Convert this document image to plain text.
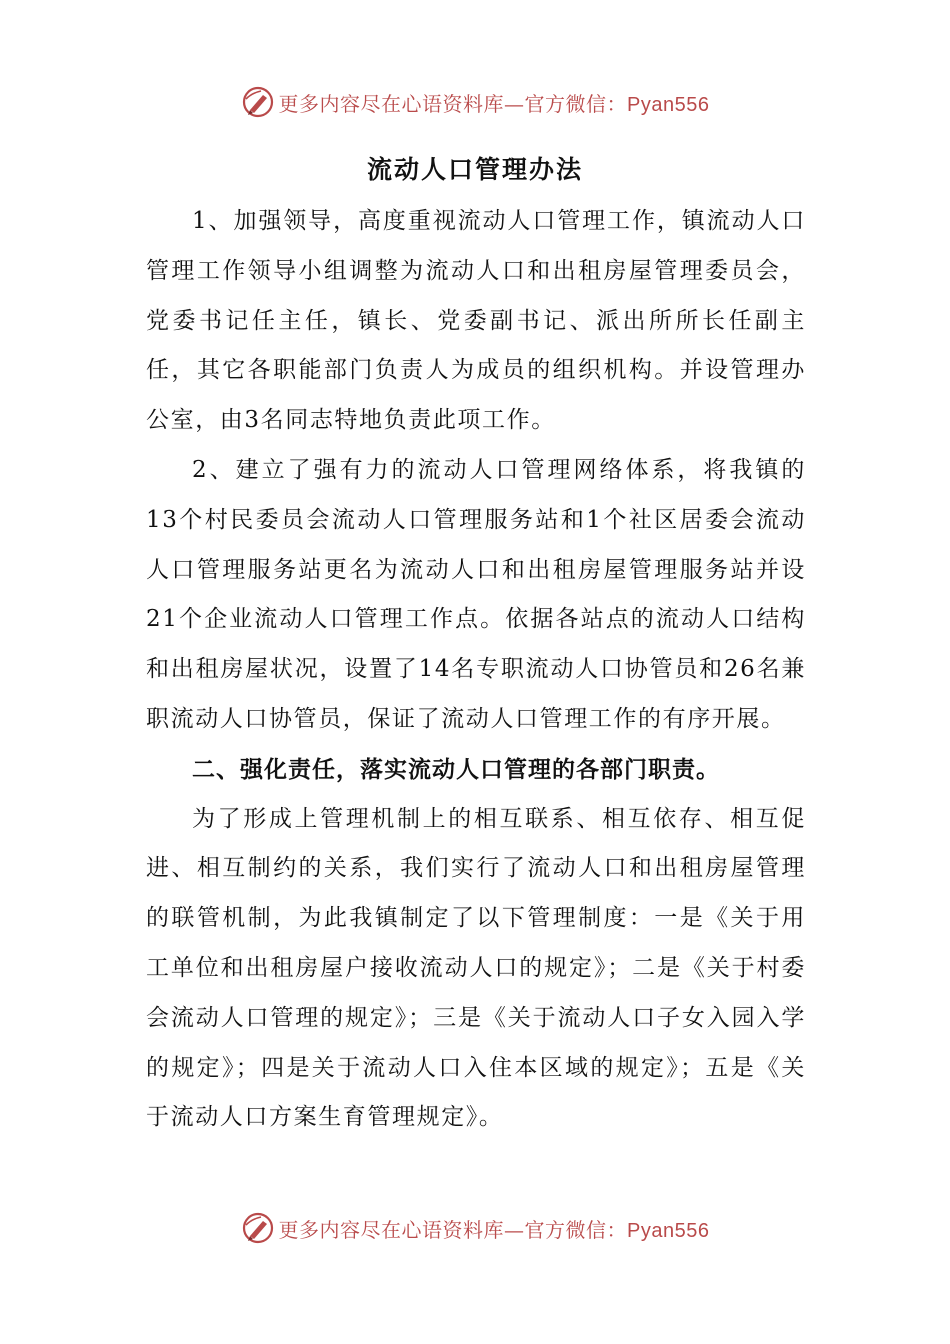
更多内容尽在心语资料库—官方微信：Pyan556
流动人口管理办法

1、加强领导，高度重视流动人口管理工作，镇流动人口管理工作领导小组调整为流动人口和出租房屋管理委员会，党委书记任主任，镇长、党委副书记、派出所所长任副主任，其它各职能部门负责人为成员的组织机构。并设管理办公室，由3名同志特地负责此项工作。

2、建立了强有力的流动人口管理网络体系，将我镇的13个村民委员会流动人口管理服务站和1个社区居委会流动人口管理服务站更名为流动人口和出租房屋管理服务站并设21个企业流动人口管理工作点。依据各站点的流动人口结构和出租房屋状况，设置了14名专职流动人口协管员和26名兼职流动人口协管员，保证了流动人口管理工作的有序开展。

二、强化责任，落实流动人口管理的各部门职责。

为了形成上管理机制上的相互联系、相互依存、相互促进、相互制约的关系，我们实行了流动人口和出租房屋管理的联管机制，为此我镇制定了以下管理制度：一是《关于用工单位和出租房屋户接收流动人口的规定》；二是《关于村委会流动人口管理的规定》；三是《关于流动人口子女入园入学的规定》；四是关于流动人口入住本区域的规定》；五是《关于流动人口方案生育管理规定》。

更多内容尽在心语资料库—官方微信：Pyan556
